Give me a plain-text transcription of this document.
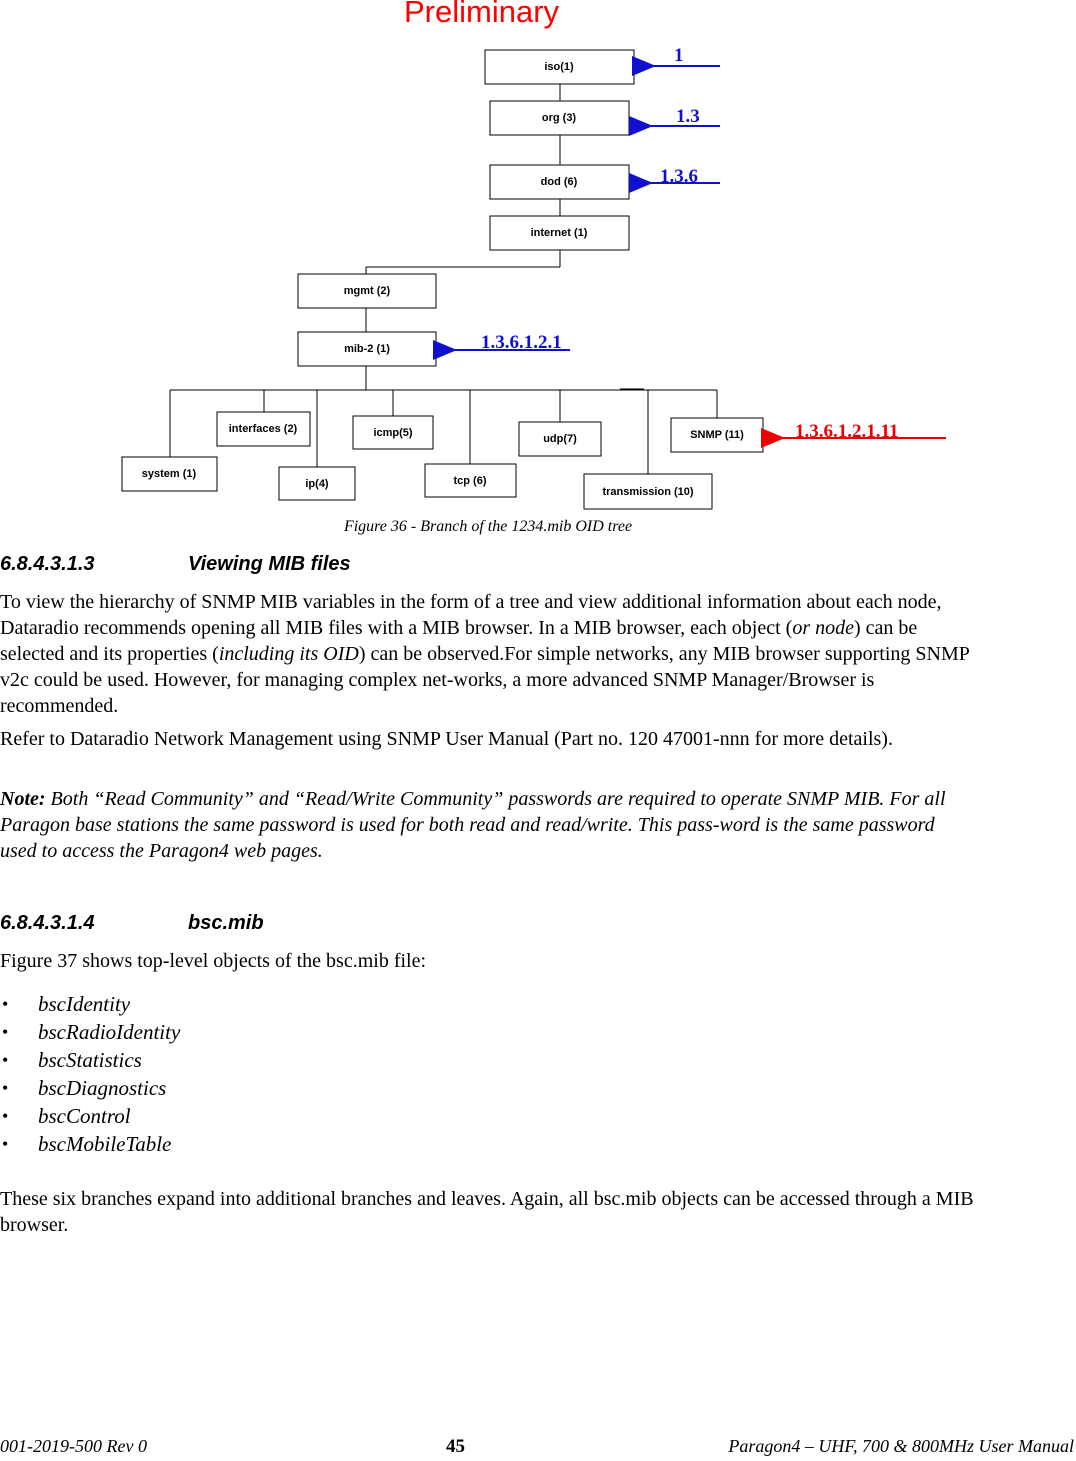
Preliminary
iso(1)
org (3)
dod (6)
internet (1)
mgmt (2)
mib-2 (1)
interfaces (2)	icmp(5)	udp(7)	SNMP (11)
system (1)
ip(4)	tcp (6)
transmission (10)
1
1.3
1.3.6
1.3.6.1.2.1
1.3.6.1.2.1.11
Figure 36 - Branch of the 1234.mib OID tree
6.8.4.3.1.3	Viewing MIB files

To view the hierarchy of SNMP MIB variables in the form of a tree and view additional information about each node, Dataradio recommends opening all MIB files with a MIB browser. In a MIB browser, each object (or node) can be selected and its properties (including its OID) can be observed.For simple networks, any MIB browser supporting SNMP v2c could be used. However, for managing complex net-works, a more advanced SNMP Manager/Browser is recommended.

Refer to Dataradio Network Management using SNMP User Manual (Part no. 120 47001-nnn for more details).

Note: Both “Read Community” and “Read/Write Community” passwords are required to operate SNMP MIB. For all Paragon base stations the same password is used for both read and read/write. This pass-word is the same password used to access the Paragon4 web pages.

6.8.4.3.1.4	bsc.mib

Figure 37 shows top-level objects of the bsc.mib file:

• bscIdentity
• bscRadioIdentity
• bscStatistics
• bscDiagnostics
• bscControl
• bscMobileTable

These six branches expand into additional branches and leaves. Again, all bsc.mib objects can be accessed through a MIB browser.

001-2019-500 Rev 0	45	Paragon4 – UHF, 700 & 800MHz User Manual
